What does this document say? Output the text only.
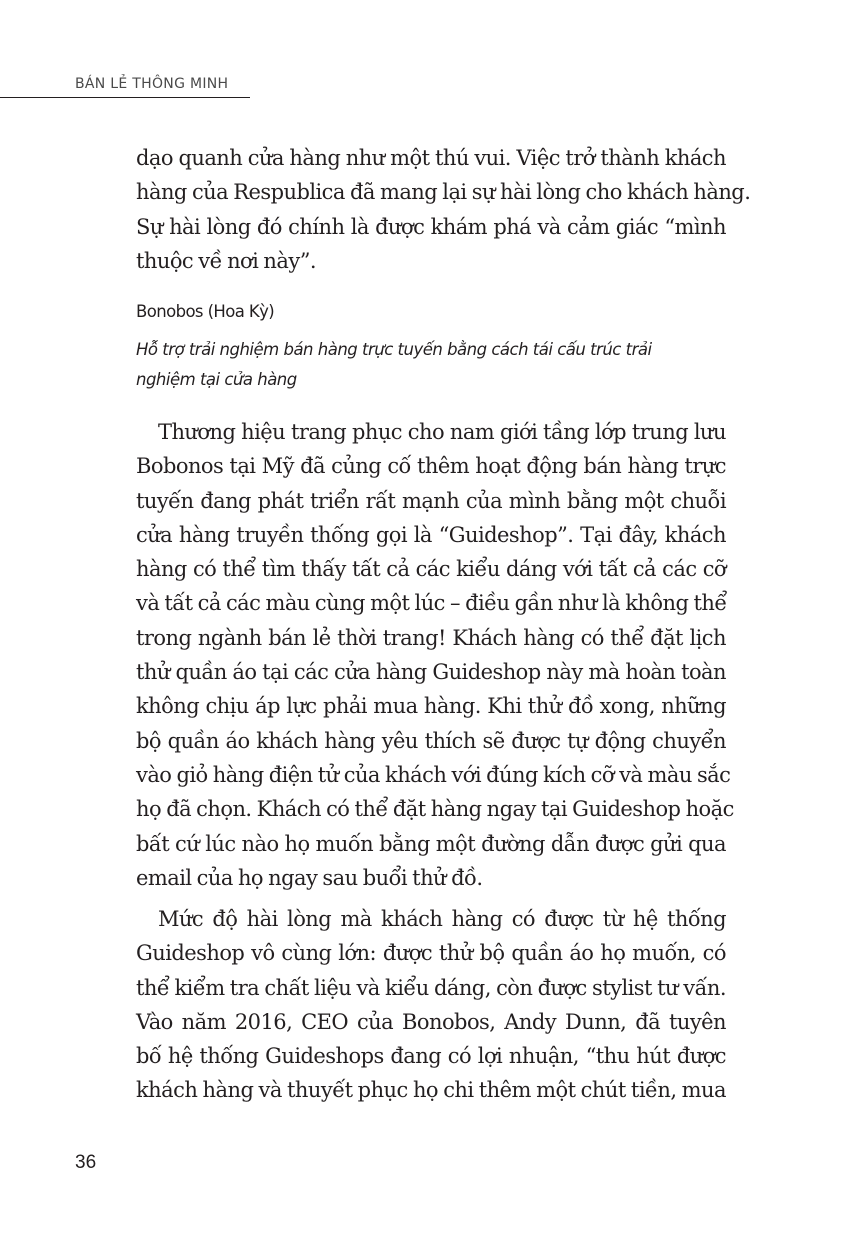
BÁN LẺ THÔNG MINH
dạo quanh cửa hàng như một thú vui. Việc trở thành khách
hàng của Respublica đã mang lại sự hài lòng cho khách hàng.
Sự hài lòng đó chính là được khám phá và cảm giác “mình
thuộc về nơi này”.
Bonobos (Hoa Kỳ)
Hỗ trợ trải nghiệm bán hàng trực tuyến bằng cách tái cấu trúc trải
nghiệm tại cửa hàng
Thương hiệu trang phục cho nam giới tầng lớp trung lưu
Bobonos tại Mỹ đã củng cố thêm hoạt động bán hàng trực
tuyến đang phát triển rất mạnh của mình bằng một chuỗi
cửa hàng truyền thống gọi là “Guideshop”. Tại đây, khách
hàng có thể tìm thấy tất cả các kiểu dáng với tất cả các cỡ
và tất cả các màu cùng một lúc – điều gần như là không thể
trong ngành bán lẻ thời trang! Khách hàng có thể đặt lịch
thử quần áo tại các cửa hàng Guideshop này mà hoàn toàn
không chịu áp lực phải mua hàng. Khi thử đồ xong, những
bộ quần áo khách hàng yêu thích sẽ được tự động chuyển
vào giỏ hàng điện tử của khách với đúng kích cỡ và màu sắc
họ đã chọn. Khách có thể đặt hàng ngay tại Guideshop hoặc
bất cứ lúc nào họ muốn bằng một đường dẫn được gửi qua
email của họ ngay sau buổi thử đồ.
Mức độ hài lòng mà khách hàng có được từ hệ thống
Guideshop vô cùng lớn: được thử bộ quần áo họ muốn, có
thể kiểm tra chất liệu và kiểu dáng, còn được stylist tư vấn.
Vào năm 2016, CEO của Bonobos, Andy Dunn, đã tuyên
bố hệ thống Guideshops đang có lợi nhuận, “thu hút được
khách hàng và thuyết phục họ chi thêm một chút tiền, mua
36
